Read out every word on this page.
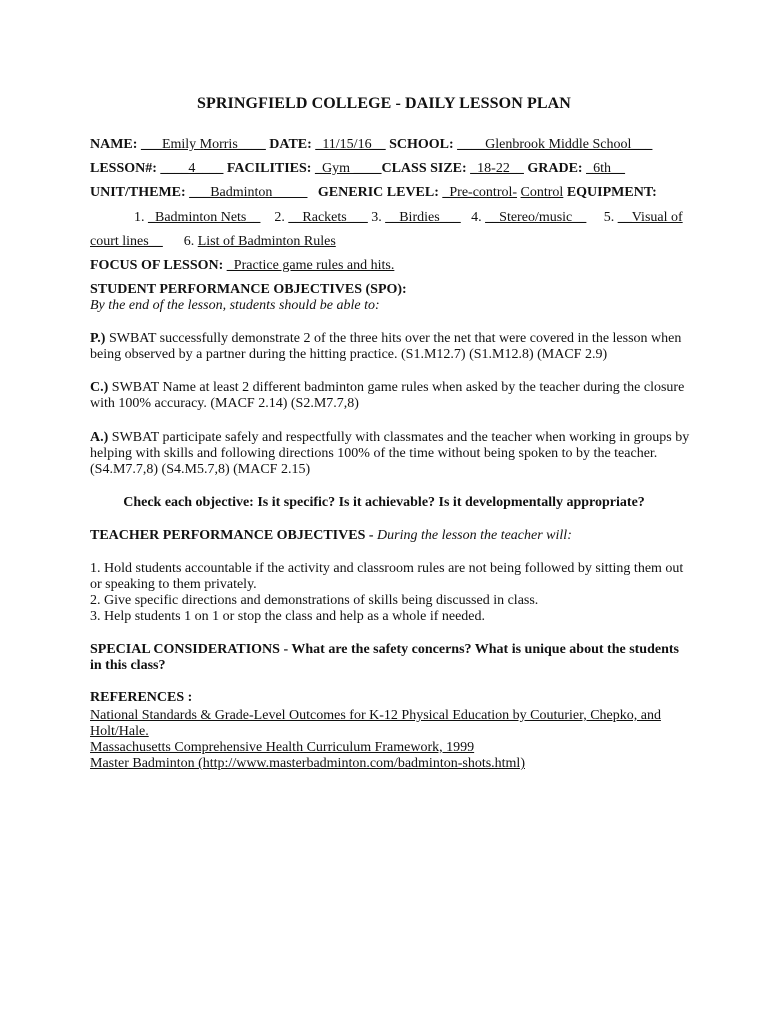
SPRINGFIELD COLLEGE - DAILY LESSON PLAN
NAME: ___Emily Morris____ DATE: _11/15/16__ SCHOOL: ____Glenbrook Middle School___
LESSON#: ____4____ FACILITIES: _Gym ____CLASS SIZE: _18-22__ GRADE: _6th__
UNIT/THEME: ___Badminton_____ GENERIC LEVEL: _Pre-control- Control EQUIPMENT:
1. _Badminton Nets__ 2. __Rackets___ 3. __Birdies___ 4. __Stereo/music__ 5. __Visual of
court lines__ 6. List of Badminton Rules
FOCUS OF LESSON: _Practice game rules and hits.
STUDENT PERFORMANCE OBJECTIVES (SPO):
By the end of the lesson, students should be able to:
P.) SWBAT successfully demonstrate 2 of the three hits over the net that were covered in the lesson when being observed by a partner during the hitting practice. (S1.M12.7) (S1.M12.8) (MACF 2.9)
C.) SWBAT Name at least 2 different badminton game rules when asked by the teacher during the closure with 100% accuracy. (MACF 2.14) (S2.M7.7,8)
A.) SWBAT participate safely and respectfully with classmates and the teacher when working in groups by helping with skills and following directions 100% of the time without being spoken to by the teacher. (S4.M7.7,8) (S4.M5.7,8) (MACF 2.15)
Check each objective: Is it specific? Is it achievable? Is it developmentally appropriate?
TEACHER PERFORMANCE OBJECTIVES - During the lesson the teacher will:
1. Hold students accountable if the activity and classroom rules are not being followed by sitting them out or speaking to them privately.
2. Give specific directions and demonstrations of skills being discussed in class.
3. Help students 1 on 1 or stop the class and help as a whole if needed.
SPECIAL CONSIDERATIONS - What are the safety concerns? What is unique about the students in this class?
REFERENCES :
National Standards & Grade-Level Outcomes for K-12 Physical Education by Couturier, Chepko, and Holt/Hale.
Massachusetts Comprehensive Health Curriculum Framework, 1999
Master Badminton (http://www.masterbadminton.com/badminton-shots.html)
